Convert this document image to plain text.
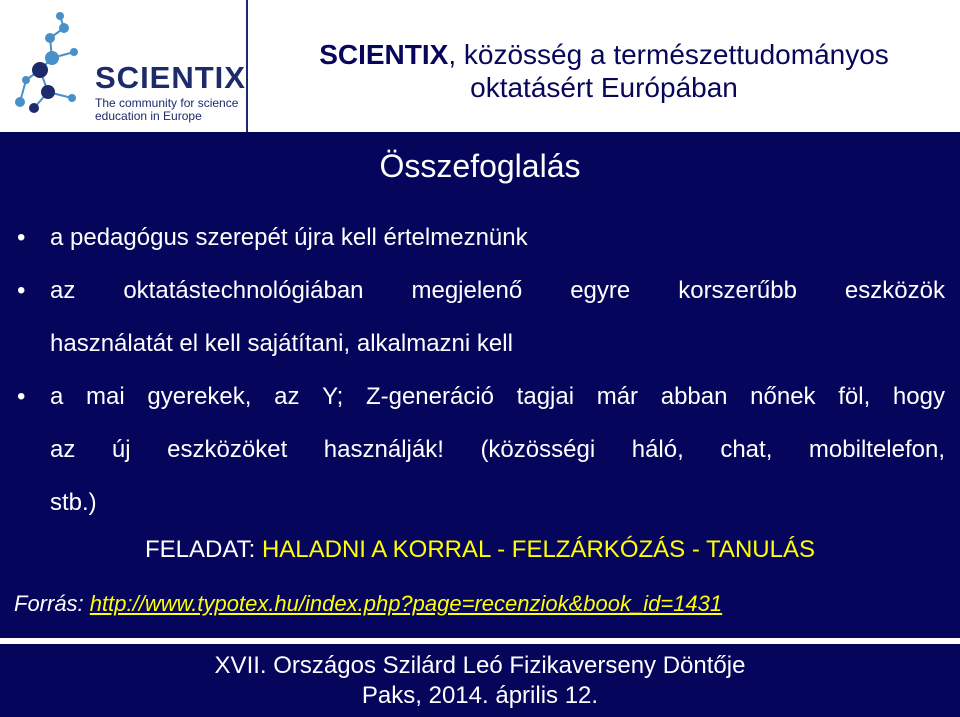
SCIENTIX
The community for science
education in Europe
SCIENTIX, közösség a természettudományos
oktatásért Európában
Összefoglalás
• a pedagógus szerepét újra kell értelmeznünk
• az oktatástechnológiában megjelenő egyre korszerűbb eszközök
használatát el kell sajátítani, alkalmazni kell
• a mai gyerekek, az Y; Z-generáció tagjai már abban nőnek föl, hogy
az új eszközöket használják! (közösségi háló, chat, mobiltelefon,
stb.)
FELADAT: HALADNI A KORRAL - FELZÁRKÓZÁS - TANULÁS
Forrás: http://www.typotex.hu/index.php?page=recenziok&book_id=1431
XVII. Országos Szilárd Leó Fizikaverseny Döntője
Paks, 2014. április 12.
